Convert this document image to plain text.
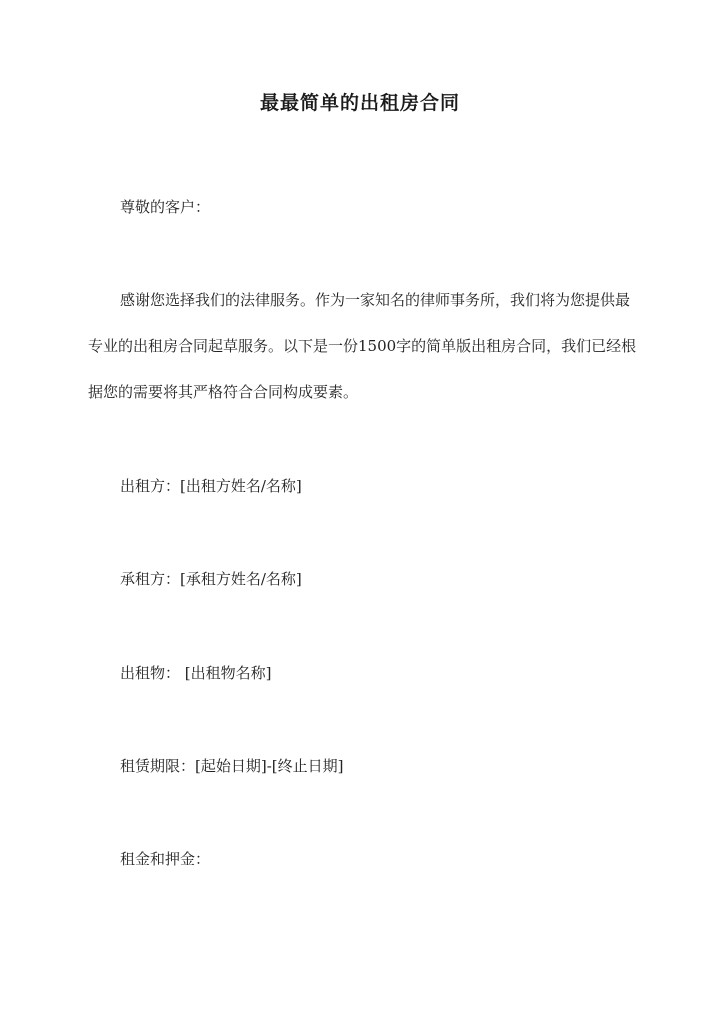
最最简单的出租房合同

尊敬的客户：

感谢您选择我们的法律服务。作为一家知名的律师事务所，我们将为您提供最专业的出租房合同起草服务。以下是一份1500字的简单版出租房合同，我们已经根据您的需要将其严格符合合同构成要素。

出租方：[出租方姓名/名称]

承租方：[承租方姓名/名称]

出租物： [出租物名称]

租赁期限：[起始日期]-[终止日期]

租金和押金：
